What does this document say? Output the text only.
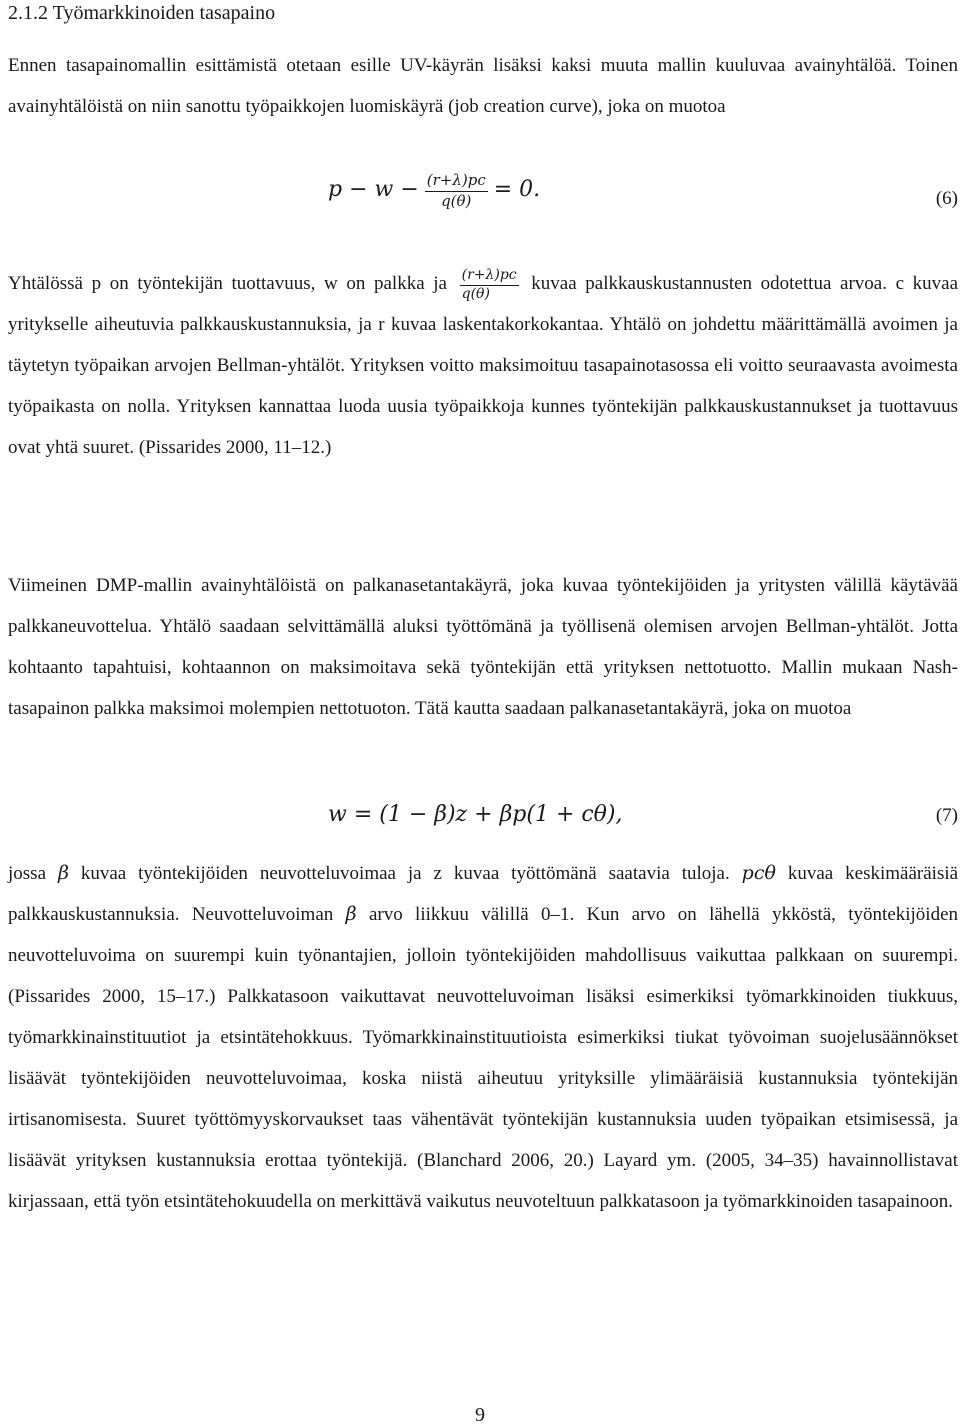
2.1.2 Työmarkkinoiden tasapaino

Ennen tasapainomallin esittämistä otetaan esille UV-käyrän lisäksi kaksi muuta mallin kuuluvaa avainyhtälöä. Toinen avainyhtälöistä on niin sanottu työpaikkojen luomiskäyrä (job creation curve), joka on muotoa

$p - w - \frac{(r+\lambda)pc}{q(\theta)} = 0$.	(6)

Yhtälössä p on työntekijän tuottavuus, w on palkka ja $\frac{(r+\lambda)pc}{q(\theta)}$ kuvaa palkkauskustannusten odotettua arvoa. c kuvaa yritykselle aiheutuvia palkkauskustannuksia, ja r kuvaa laskentakorkokantaa. Yhtälö on johdettu määrittämällä avoimen ja täytetyn työpaikan arvojen Bellman-yhtälöt. Yrityksen voitto maksimoituu tasapainotasossa eli voitto seuraavasta avoimesta työpaikasta on nolla. Yrityksen kannattaa luoda uusia työpaikkoja kunnes työntekijän palkkauskustannukset ja tuottavuus ovat yhtä suuret. (Pissarides 2000, 11–12.)

Viimeinen DMP-mallin avainyhtälöistä on palkanasetantakäyrä, joka kuvaa työntekijöiden ja yritysten välillä käytävää palkkaneuvottelua. Yhtälö saadaan selvittämällä aluksi työttömänä ja työllisenä olemisen arvojen Bellman-yhtälöt. Jotta kohtaanto tapahtuisi, kohtaannon on maksimoitava sekä työntekijän että yrityksen nettotuotto. Mallin mukaan Nash-tasapainon palkka maksimoi molempien nettotuoton. Tätä kautta saadaan palkanasetantakäyrä, joka on muotoa

w = (1 − β)z + βp(1 + cθ),	(7)

jossa β kuvaa työntekijöiden neuvotteluvoimaa ja z kuvaa työttömänä saatavia tuloja. pcθ kuvaa keskimääräisiä palkkauskustannuksia. Neuvotteluvoiman β arvo liikkuu välillä 0–1. Kun arvo on lähellä ykköstä, työntekijöiden neuvotteluvoima on suurempi kuin työnantajien, jolloin työntekijöiden mahdollisuus vaikuttaa palkkaan on suurempi. (Pissarides 2000, 15–17.) Palkkatasoon vaikuttavat neuvotteluvoiman lisäksi esimerkiksi työmarkkinoiden tiukkuus, työmarkkinainstituutiot ja etsintätehokkuus. Työmarkkinainstituutioista esimerkiksi tiukat työvoiman suojelusäännökset lisäävät työntekijöiden neuvotteluvoimaa, koska niistä aiheutuu yrityksille ylimääräisiä kustannuksia työntekijän irtisanomisesta. Suuret työttömyyskorvaukset taas vähentävät työntekijän kustannuksia uuden työpaikan etsimisessä, ja lisäävät yrityksen kustannuksia erottaa työntekijä. (Blanchard 2006, 20.) Layard ym. (2005, 34–35) havainnollistavat kirjassaan, että työn etsintätehokuudella on merkittävä vaikutus neuvoteltuun palkkatasoon ja työmarkkinoiden tasapainoon.

9
